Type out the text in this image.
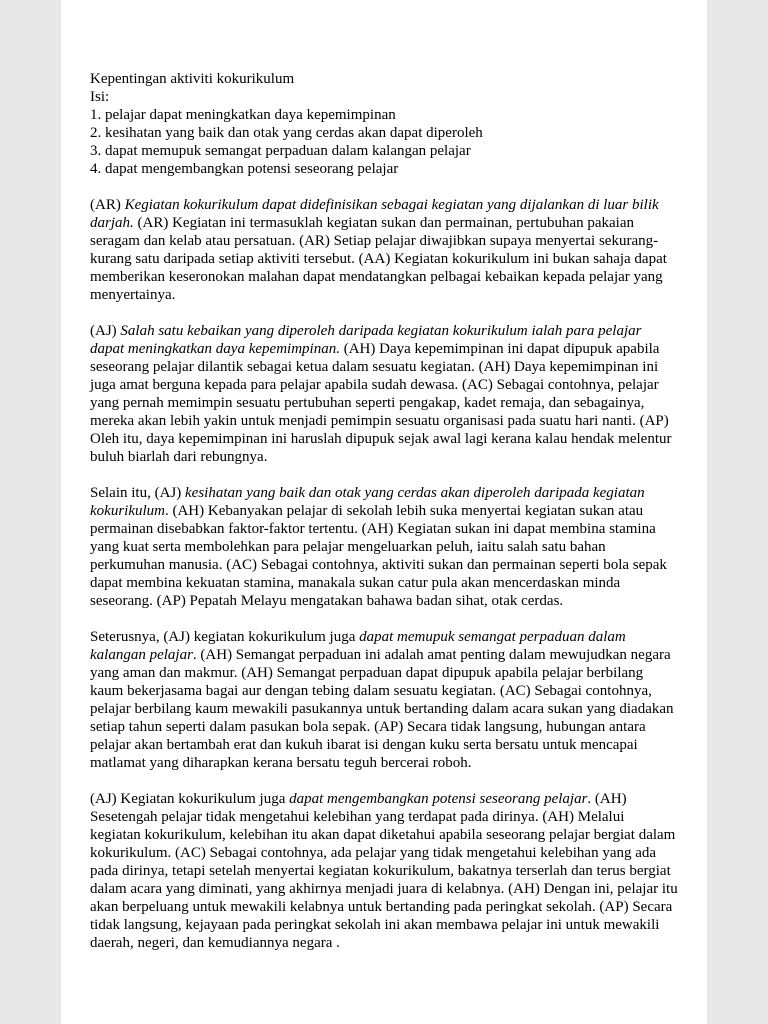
Kepentingan aktiviti kokurikulum
Isi:
1. pelajar dapat meningkatkan daya kepemimpinan
2. kesihatan yang baik dan otak yang cerdas akan dapat diperoleh
3. dapat memupuk semangat perpaduan dalam kalangan pelajar
4. dapat mengembangkan potensi seseorang pelajar

(AR) Kegiatan kokurikulum dapat didefinisikan sebagai kegiatan yang dijalankan di luar bilik darjah. (AR) Kegiatan ini termasuklah kegiatan sukan dan permainan, pertubuhan pakaian seragam dan kelab atau persatuan. (AR) Setiap pelajar diwajibkan supaya menyertai sekurang-kurang satu daripada setiap aktiviti tersebut. (AA) Kegiatan kokurikulum ini bukan sahaja dapat memberikan keseronokan malahan dapat mendatangkan pelbagai kebaikan kepada pelajar yang menyertainya.

(AJ) Salah satu kebaikan yang diperoleh daripada kegiatan kokurikulum ialah para pelajar dapat meningkatkan daya kepemimpinan. (AH) Daya kepemimpinan ini dapat dipupuk apabila seseorang pelajar dilantik sebagai ketua dalam sesuatu kegiatan. (AH) Daya kepemimpinan ini juga amat berguna kepada para pelajar apabila sudah dewasa. (AC) Sebagai contohnya, pelajar yang pernah memimpin sesuatu pertubuhan seperti pengakap, kadet remaja, dan sebagainya, mereka akan lebih yakin untuk menjadi pemimpin sesuatu organisasi pada suatu hari nanti. (AP) Oleh itu, daya kepemimpinan ini haruslah dipupuk sejak awal lagi kerana kalau hendak melentur buluh biarlah dari rebungnya.

Selain itu, (AJ) kesihatan yang baik dan otak yang cerdas akan diperoleh daripada kegiatan kokurikulum. (AH) Kebanyakan pelajar di sekolah lebih suka menyertai kegiatan sukan atau permainan disebabkan faktor-faktor tertentu. (AH) Kegiatan sukan ini dapat membina stamina yang kuat serta membolehkan para pelajar mengeluarkan peluh, iaitu salah satu bahan perkumuhan manusia. (AC) Sebagai contohnya, aktiviti sukan dan permainan seperti bola sepak dapat membina kekuatan stamina, manakala sukan catur pula akan mencerdaskan minda seseorang. (AP) Pepatah Melayu mengatakan bahawa badan sihat, otak cerdas.

Seterusnya, (AJ) kegiatan kokurikulum juga dapat memupuk semangat perpaduan dalam kalangan pelajar. (AH) Semangat perpaduan ini adalah amat penting dalam mewujudkan negara yang aman dan makmur. (AH) Semangat perpaduan dapat dipupuk apabila pelajar berbilang kaum bekerjasama bagai aur dengan tebing dalam sesuatu kegiatan. (AC) Sebagai contohnya, pelajar berbilang kaum mewakili pasukannya untuk bertanding dalam acara sukan yang diadakan setiap tahun seperti dalam pasukan bola sepak. (AP) Secara tidak langsung, hubungan antara pelajar akan bertambah erat dan kukuh ibarat isi dengan kuku serta bersatu untuk mencapai matlamat yang diharapkan kerana bersatu teguh bercerai roboh.

(AJ) Kegiatan kokurikulum juga dapat mengembangkan potensi seseorang pelajar. (AH) Sesetengah pelajar tidak mengetahui kelebihan yang terdapat pada dirinya. (AH) Melalui kegiatan kokurikulum, kelebihan itu akan dapat diketahui apabila seseorang pelajar bergiat dalam kokurikulum. (AC) Sebagai contohnya, ada pelajar yang tidak mengetahui kelebihan yang ada pada dirinya, tetapi setelah menyertai kegiatan kokurikulum, bakatnya terserlah dan terus bergiat dalam acara yang diminati, yang akhirnya menjadi juara di kelabnya. (AH) Dengan ini, pelajar itu akan berpeluang untuk mewakili kelabnya untuk bertanding pada peringkat sekolah. (AP) Secara tidak langsung, kejayaan pada peringkat sekolah ini akan membawa pelajar ini untuk mewakili daerah, negeri, dan kemudiannya negara .
